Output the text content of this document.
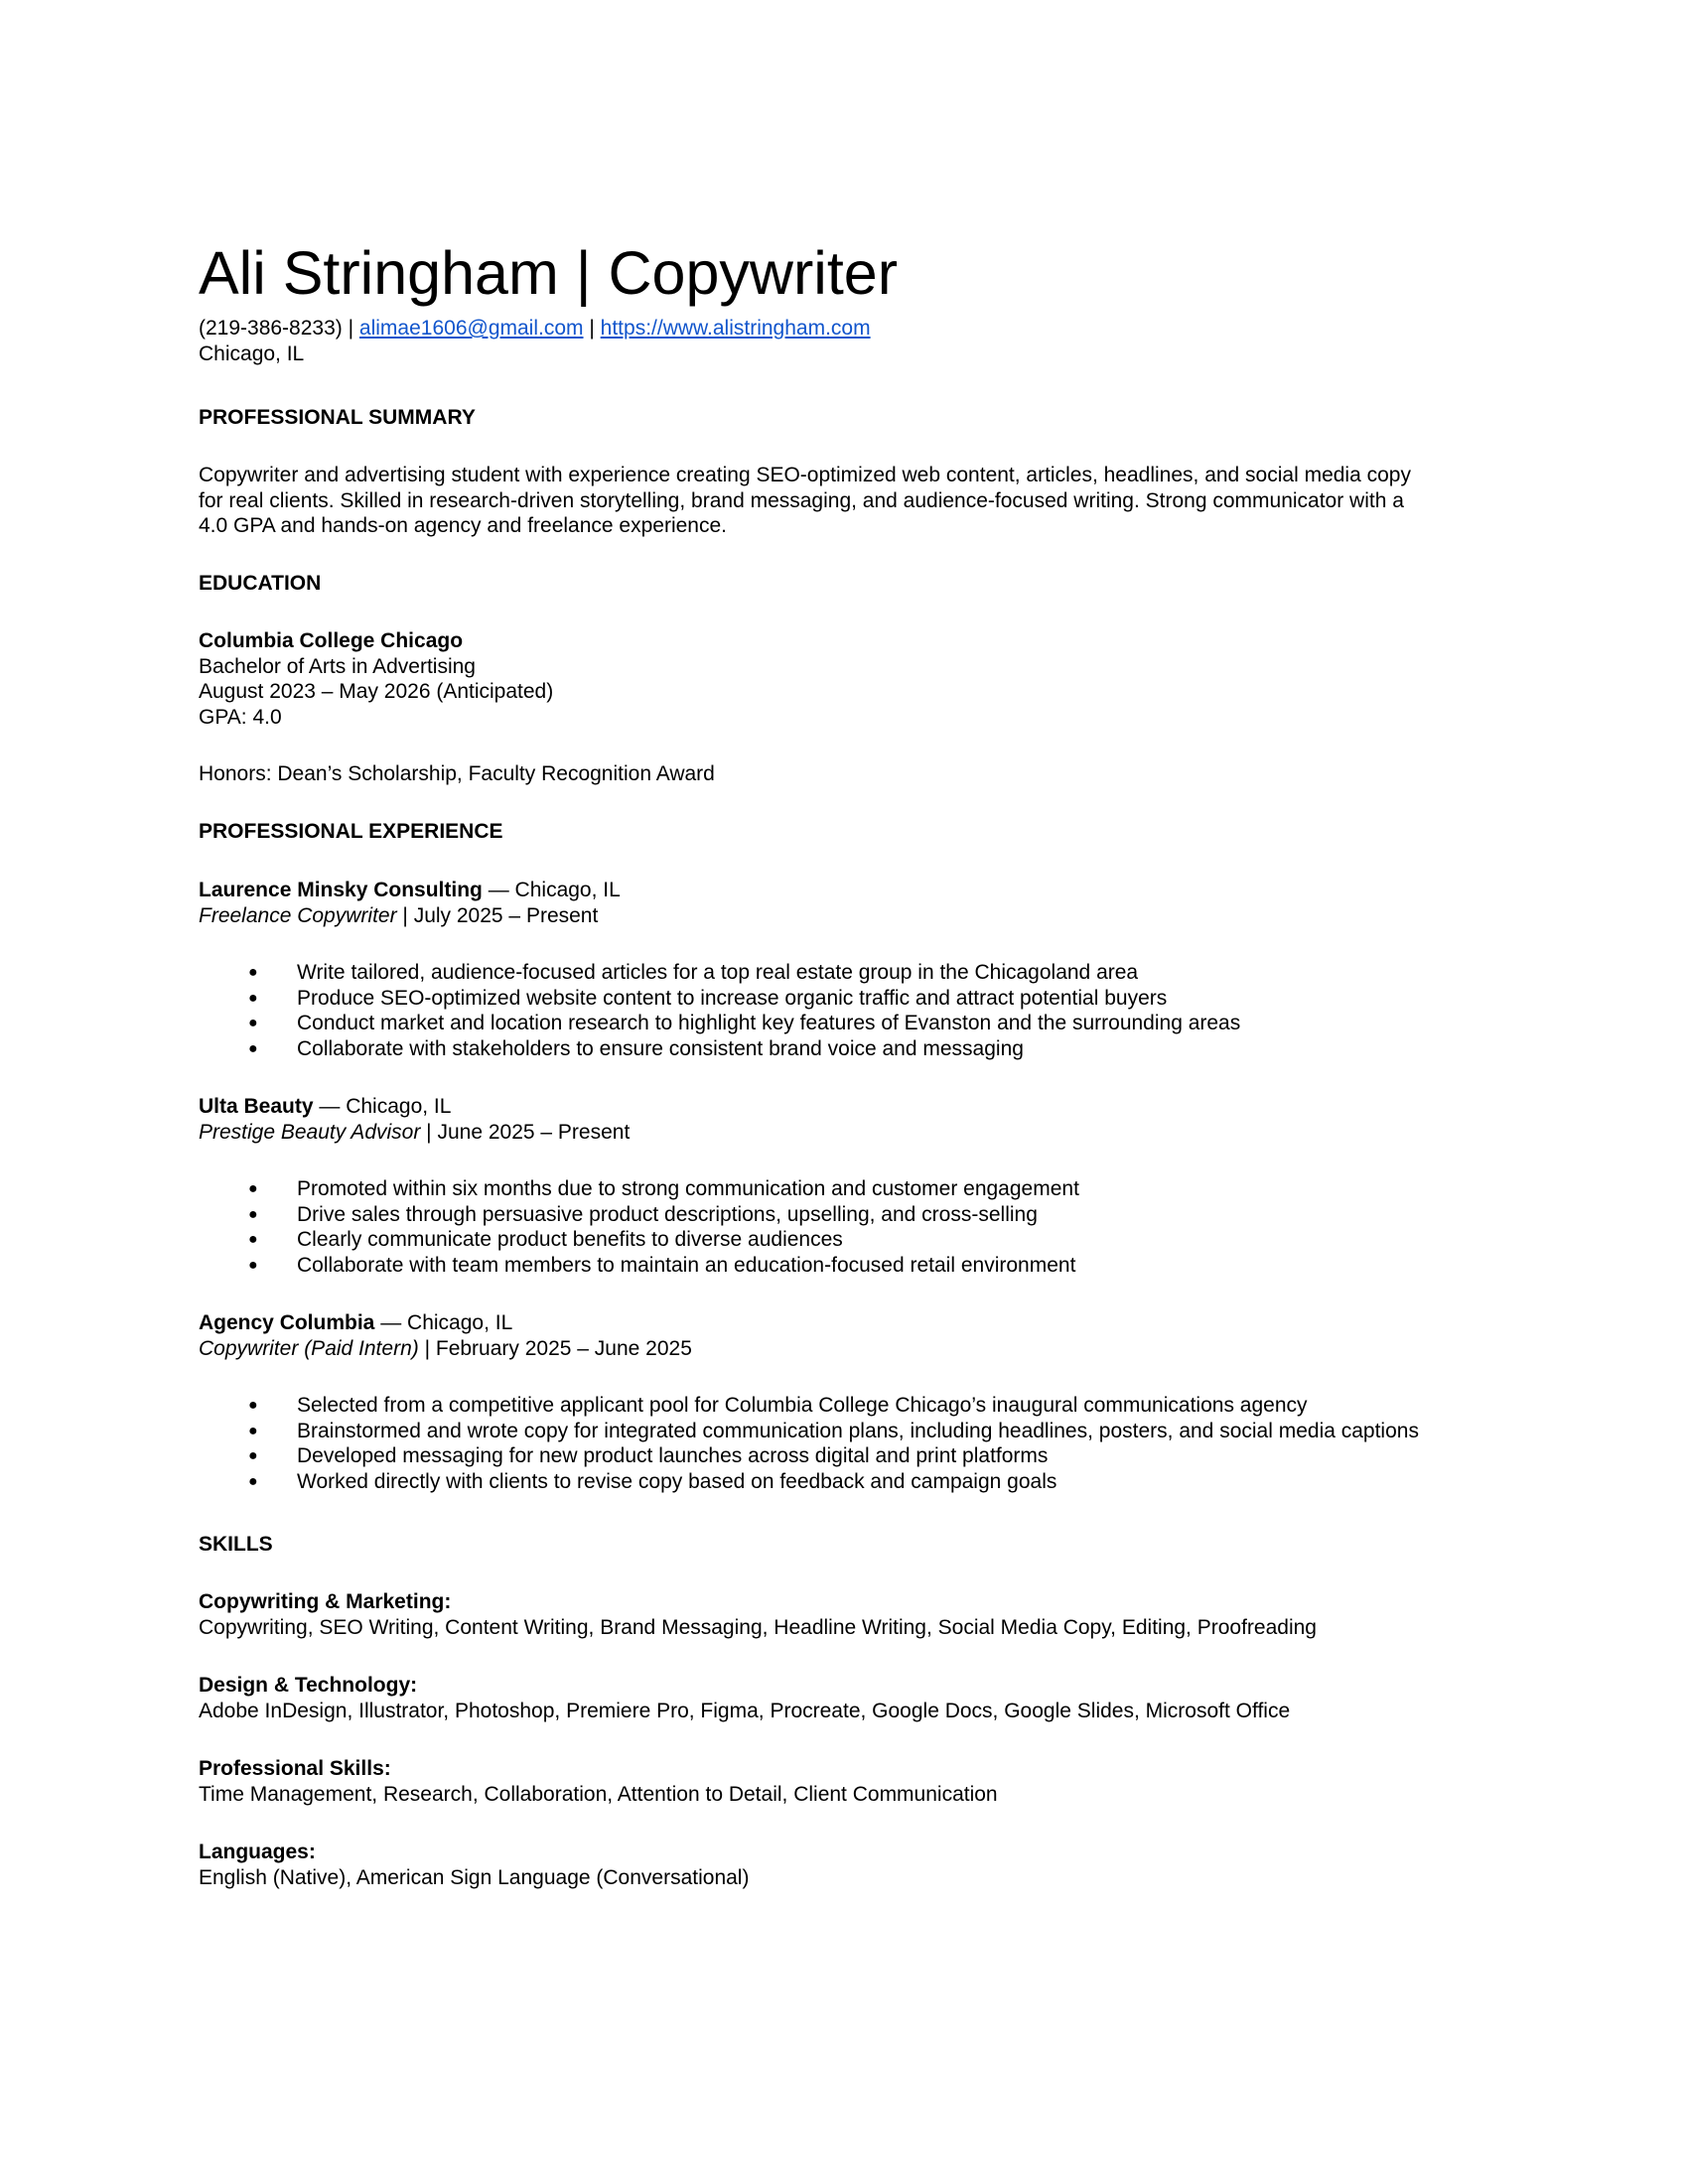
Ali Stringham | Copywriter
(219-386-8233) | alimae1606@gmail.com | https://www.alistringham.com
Chicago, IL
PROFESSIONAL SUMMARY
Copywriter and advertising student with experience creating SEO-optimized web content, articles, headlines, and social media copy
for real clients. Skilled in research-driven storytelling, brand messaging, and audience-focused writing. Strong communicator with a
4.0 GPA and hands-on agency and freelance experience.
EDUCATION
Columbia College Chicago
Bachelor of Arts in Advertising
August 2023 – May 2026 (Anticipated)
GPA: 4.0
Honors: Dean’s Scholarship, Faculty Recognition Award
PROFESSIONAL EXPERIENCE
Laurence Minsky Consulting — Chicago, IL
Freelance Copywriter | July 2025 – Present
● Write tailored, audience-focused articles for a top real estate group in the Chicagoland area
● Produce SEO-optimized website content to increase organic traffic and attract potential buyers
● Conduct market and location research to highlight key features of Evanston and the surrounding areas
● Collaborate with stakeholders to ensure consistent brand voice and messaging
Ulta Beauty — Chicago, IL
Prestige Beauty Advisor | June 2025 – Present
● Promoted within six months due to strong communication and customer engagement
● Drive sales through persuasive product descriptions, upselling, and cross-selling
● Clearly communicate product benefits to diverse audiences
● Collaborate with team members to maintain an education-focused retail environment
Agency Columbia — Chicago, IL
Copywriter (Paid Intern) | February 2025 – June 2025
● Selected from a competitive applicant pool for Columbia College Chicago’s inaugural communications agency
● Brainstormed and wrote copy for integrated communication plans, including headlines, posters, and social media captions
● Developed messaging for new product launches across digital and print platforms
● Worked directly with clients to revise copy based on feedback and campaign goals
SKILLS
Copywriting & Marketing:
Copywriting, SEO Writing, Content Writing, Brand Messaging, Headline Writing, Social Media Copy, Editing, Proofreading
Design & Technology:
Adobe InDesign, Illustrator, Photoshop, Premiere Pro, Figma, Procreate, Google Docs, Google Slides, Microsoft Office
Professional Skills:
Time Management, Research, Collaboration, Attention to Detail, Client Communication
Languages:
English (Native), American Sign Language (Conversational)
